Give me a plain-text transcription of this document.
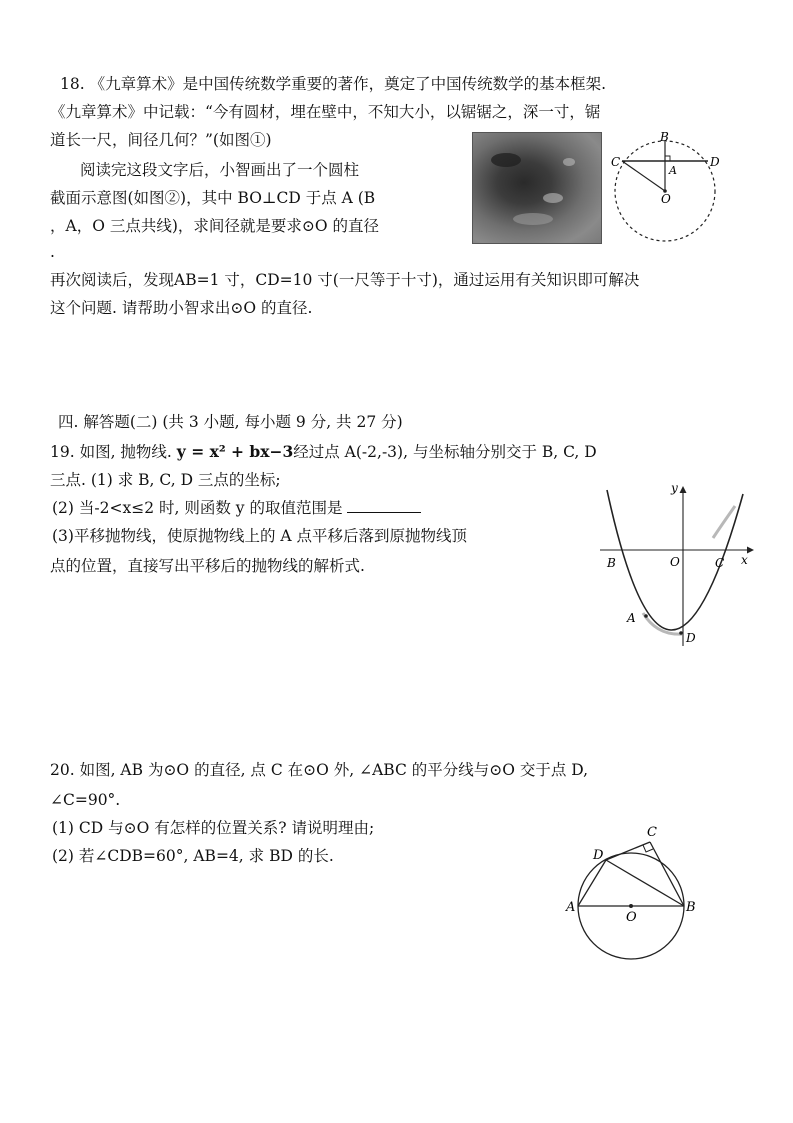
18. 《九章算术》是中国传统数学重要的著作，奠定了中国传统数学的基本框架.
《九章算术》中记载：“今有圆材，埋在壁中，不知大小，以锯锯之，深一寸，锯
道长一尺，间径几何？”(如图①)
阅读完这段文字后，小智画出了一个圆柱
截面示意图(如图②)，其中 BO⊥CD 于点 A (B
，A，O 三点共线)，求间径就是要求⊙O 的直径
.
再次阅读后，发现AB=1 寸，CD=10 寸(一尺等于十寸)，通过运用有关知识即可解决
这个问题. 请帮助小智求出⊙O 的直径.
B
C	D
A
O
四. 解答题(二) (共 3 小题, 每小题 9 分, 共 27 分)
19. 如图, 抛物线. y = x² + bx−3经过点 A(-2,-3), 与坐标轴分别交于 B, C, D
三点. (1) 求 B, C, D 三点的坐标;
(2) 当-2<x≤2 时, 则函数 y 的取值范围是
(3)平移抛物线，使原抛物线上的 A 点平移后落到原抛物线顶
点的位置，直接写出平移后的抛物线的解析式.
y
x
O
B	C
A
D
20. 如图, AB 为⊙O 的直径, 点 C 在⊙O 外, ∠ABC 的平分线与⊙O 交于点 D,
∠C=90°.
(1) CD 与⊙O 有怎样的位置关系? 请说明理由;
(2) 若∠CDB=60°, AB=4, 求 BD 的长.
A	B
C
D
O
